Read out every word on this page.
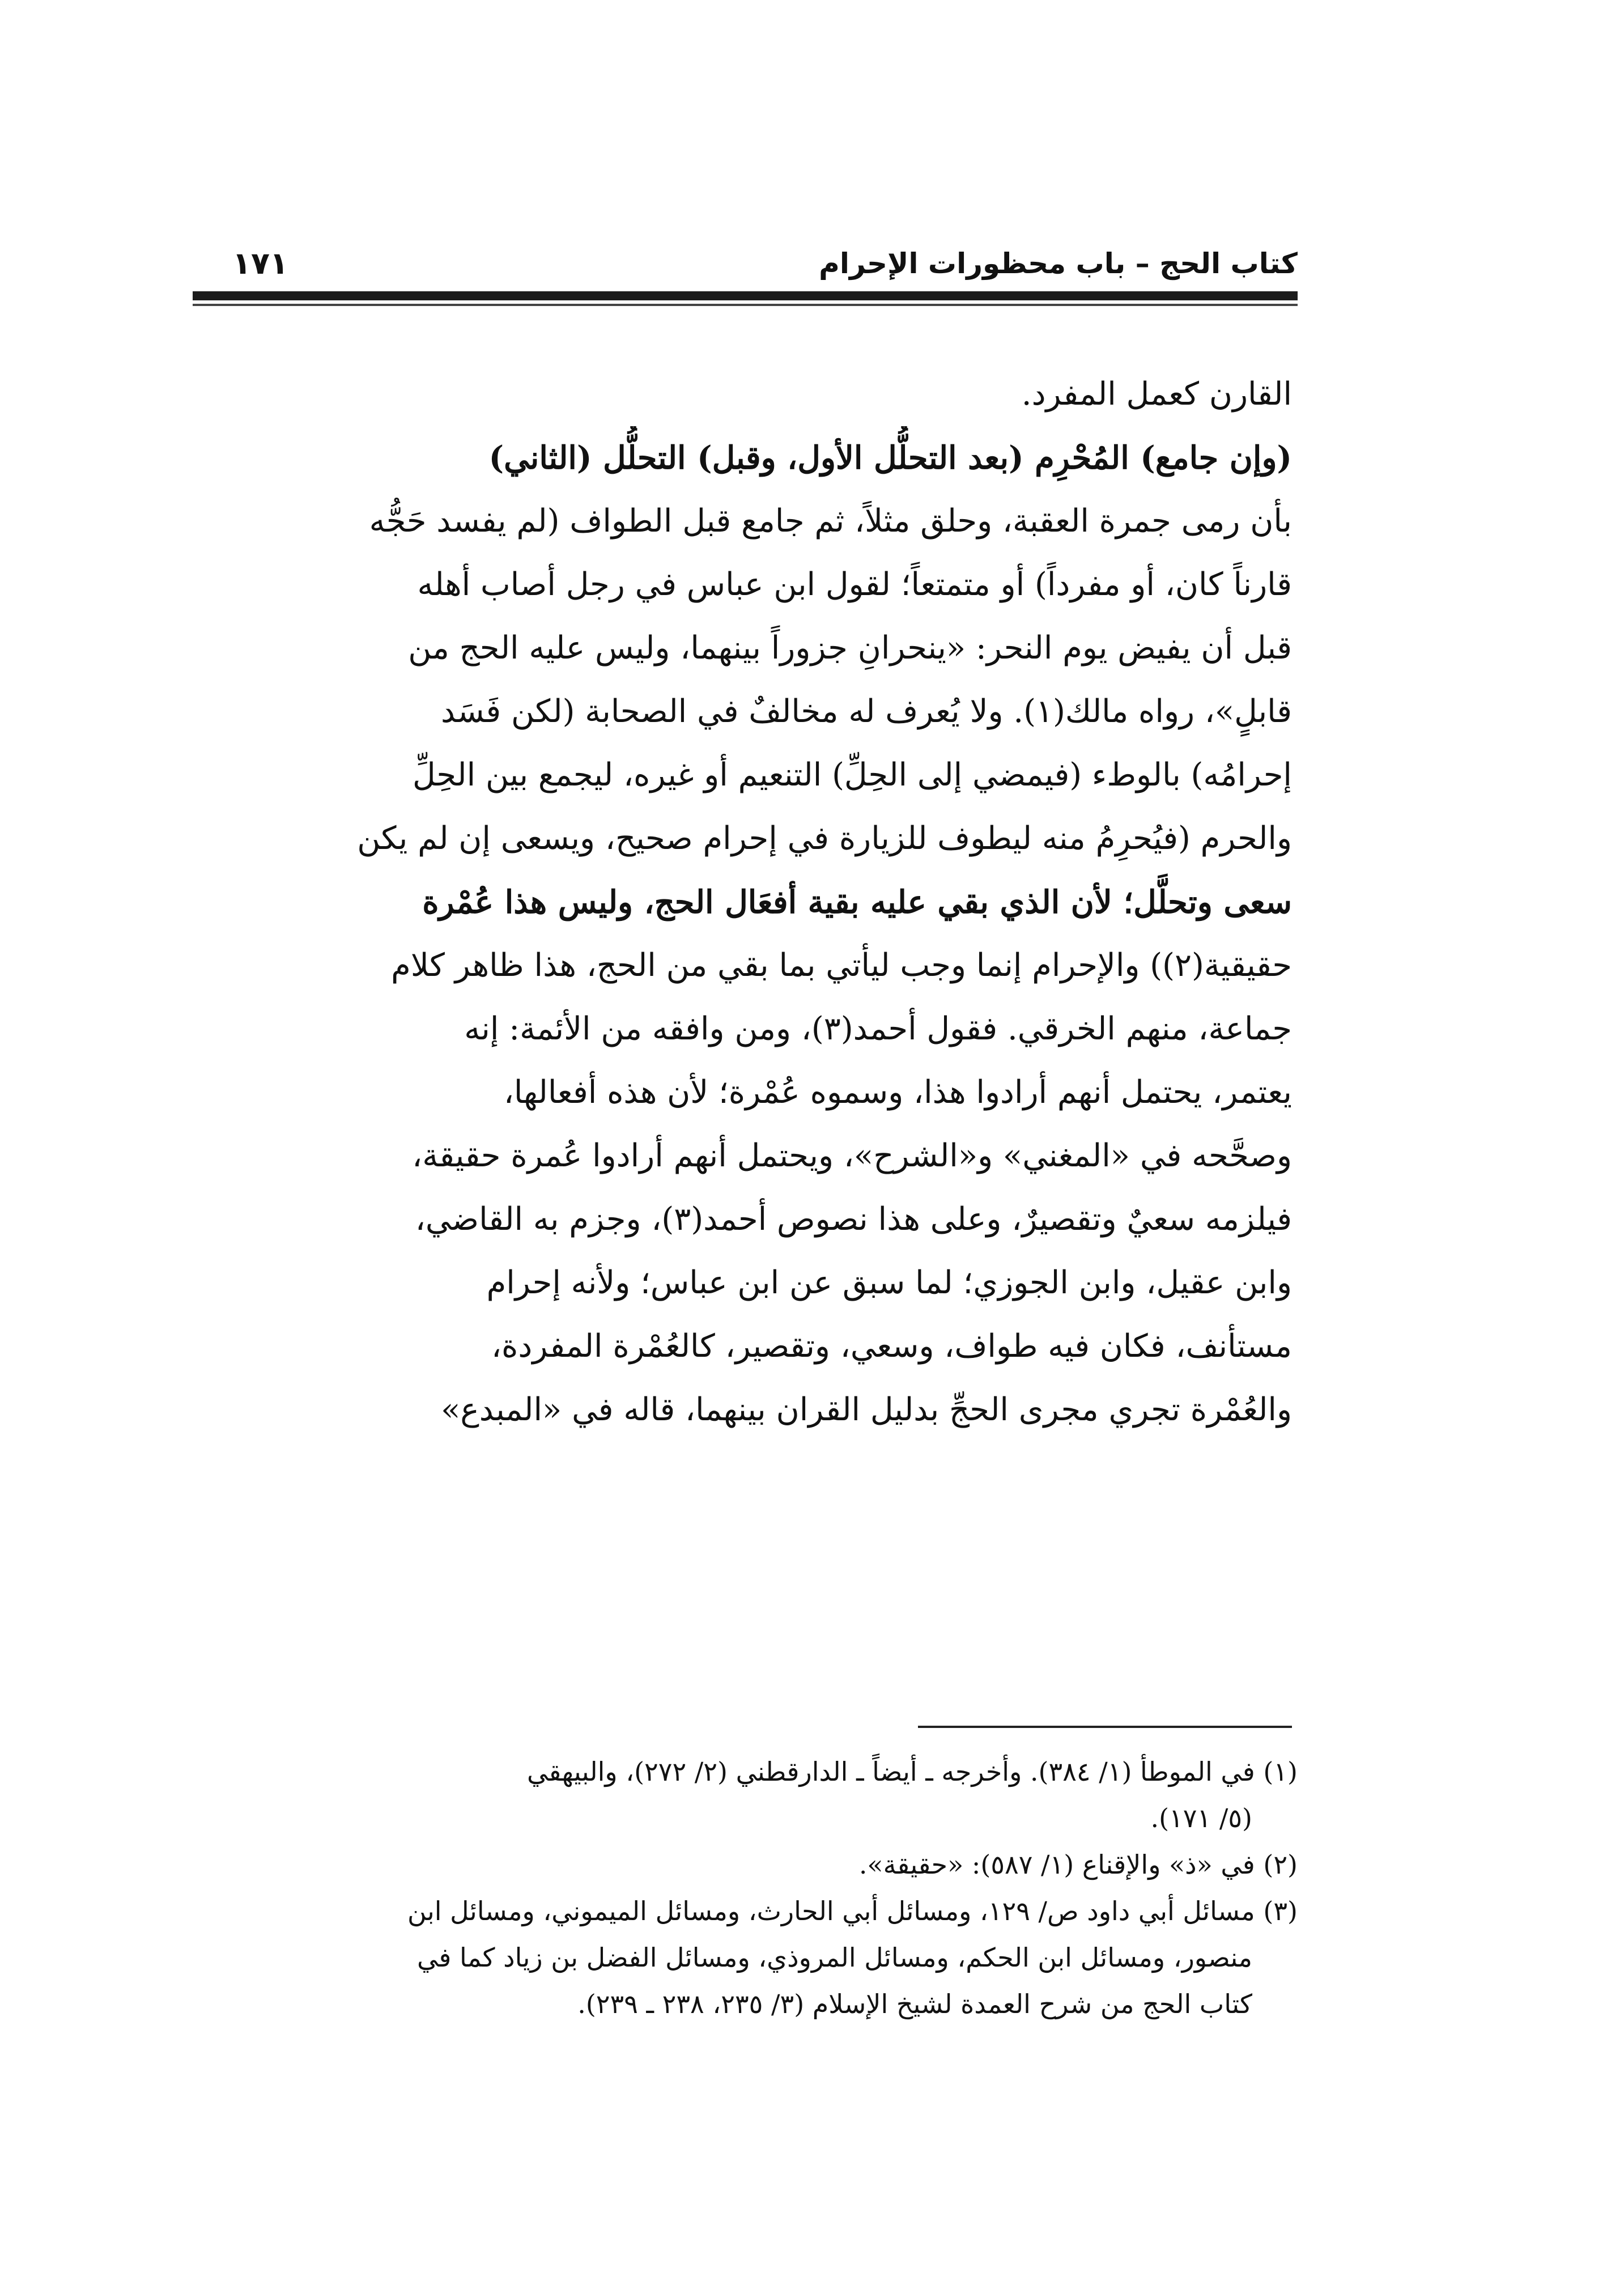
كتاب الحج – باب محظورات الإحرام
١٧١
القارن كعمل المفرد.
(وإن جامع) المُحْرِم (بعد التحلُّل الأول، وقبل) التحلُّل (الثاني)
بأن رمى جمرة العقبة، وحلق مثلاً، ثم جامع قبل الطواف (لم يفسد حَجُّه
قارناً كان، أو مفرداً) أو متمتعاً؛ لقول ابن عباس في رجل أصاب أهله
قبل أن يفيض يوم النحر: «ينحرانِ جزوراً بينهما، وليس عليه الحج من
قابلٍ»، رواه مالك(١). ولا يُعرف له مخالفٌ في الصحابة (لكن فَسَد
إحرامُه) بالوطء (فيمضي إلى الحِلِّ) التنعيم أو غيره، ليجمع بين الحِلِّ
والحرم (فيُحرِمُ منه ليطوف للزيارة في إحرام صحيح، ويسعى إن لم يكن
سعى وتحلَّل؛ لأن الذي بقي عليه بقية أفعَال الحج، وليس هذا عُمْرة
حقيقية(٢)) والإحرام إنما وجب ليأتي بما بقي من الحج، هذا ظاهر كلام
جماعة، منهم الخرقي. فقول أحمد(٣)، ومن وافقه من الأئمة: إنه
يعتمر، يحتمل أنهم أرادوا هذا، وسموه عُمْرة؛ لأن هذه أفعالها،
وصحَّحه في «المغني» و«الشرح»، ويحتمل أنهم أرادوا عُمرة حقيقة،
فيلزمه سعيٌ وتقصيرٌ، وعلى هذا نصوص أحمد(٣)، وجزم به القاضي،
وابن عقيل، وابن الجوزي؛ لما سبق عن ابن عباس؛ ولأنه إحرام
مستأنف، فكان فيه طواف، وسعي، وتقصير، كالعُمْرة المفردة،
والعُمْرة تجري مجرى الحجِّ بدليل القران بينهما، قاله في «المبدع»
(١) في الموطأ (١/ ٣٨٤). وأخرجه ـ أيضاً ـ الدارقطني (٢/ ٢٧٢)، والبيهقي
(٥/ ١٧١).
(٢) في «ذ» والإقناع (١/ ٥٨٧): «حقيقة».
(٣) مسائل أبي داود ص/ ١٢٩، ومسائل أبي الحارث، ومسائل الميموني، ومسائل ابن
منصور، ومسائل ابن الحكم، ومسائل المروذي، ومسائل الفضل بن زياد كما في
كتاب الحج من شرح العمدة لشيخ الإسلام (٣/ ٢٣٥، ٢٣٨ ـ ٢٣٩).
